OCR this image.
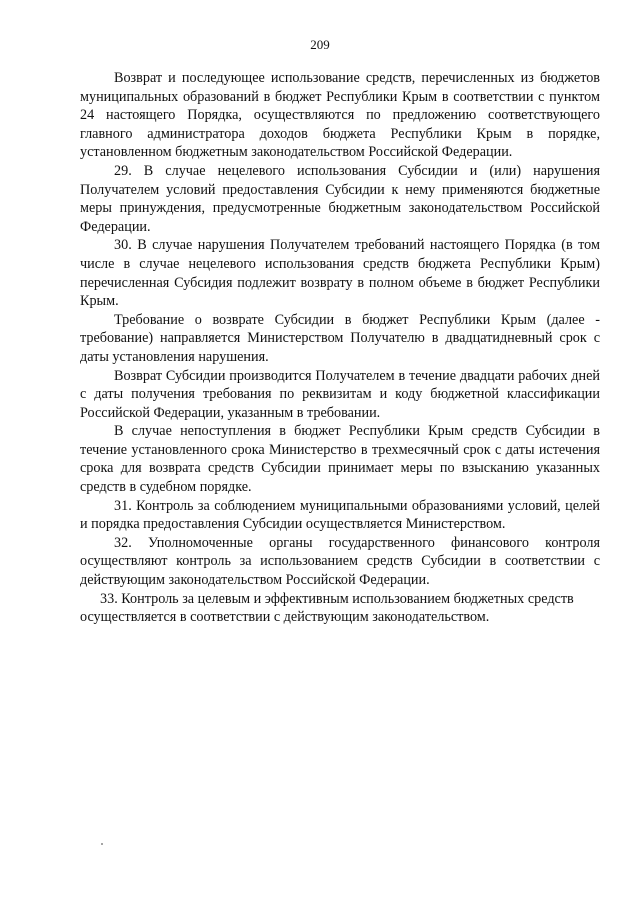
209

Возврат и последующее использование средств, перечисленных из бюджетов муниципальных образований в бюджет Республики Крым в соответствии с пунктом 24 настоящего Порядка, осуществляются по предложению соответствующего главного администратора доходов бюджета Республики Крым в порядке, установленном бюджетным законодательством Российской Федерации.

29. В случае нецелевого использования Субсидии и (или) нарушения Получателем условий предоставления Субсидии к нему применяются бюджетные меры принуждения, предусмотренные бюджетным законодательством Российской Федерации.

30. В случае нарушения Получателем требований настоящего Порядка (в том числе в случае нецелевого использования средств бюджета Республики Крым) перечисленная Субсидия подлежит возврату в полном объеме в бюджет Республики Крым.

Требование о возврате Субсидии в бюджет Республики Крым (далее - требование) направляется Министерством Получателю в двадцатидневный срок с даты установления нарушения.

Возврат Субсидии производится Получателем в течение двадцати рабочих дней с даты получения требования по реквизитам и коду бюджетной классификации Российской Федерации, указанным в требовании.

В случае непоступления в бюджет Республики Крым средств Субсидии в течение установленного срока Министерство в трехмесячный срок с даты истечения срока для возврата средств Субсидии принимает меры по взысканию указанных средств в судебном порядке.

31. Контроль за соблюдением муниципальными образованиями условий, целей и порядка предоставления Субсидии осуществляется Министерством.

32. Уполномоченные органы государственного финансового контроля осуществляют контроль за использованием средств Субсидии в соответствии с действующим законодательством Российской Федерации.

33. Контроль за целевым и эффективным использованием бюджетных средств осуществляется в соответствии с действующим законодательством.
